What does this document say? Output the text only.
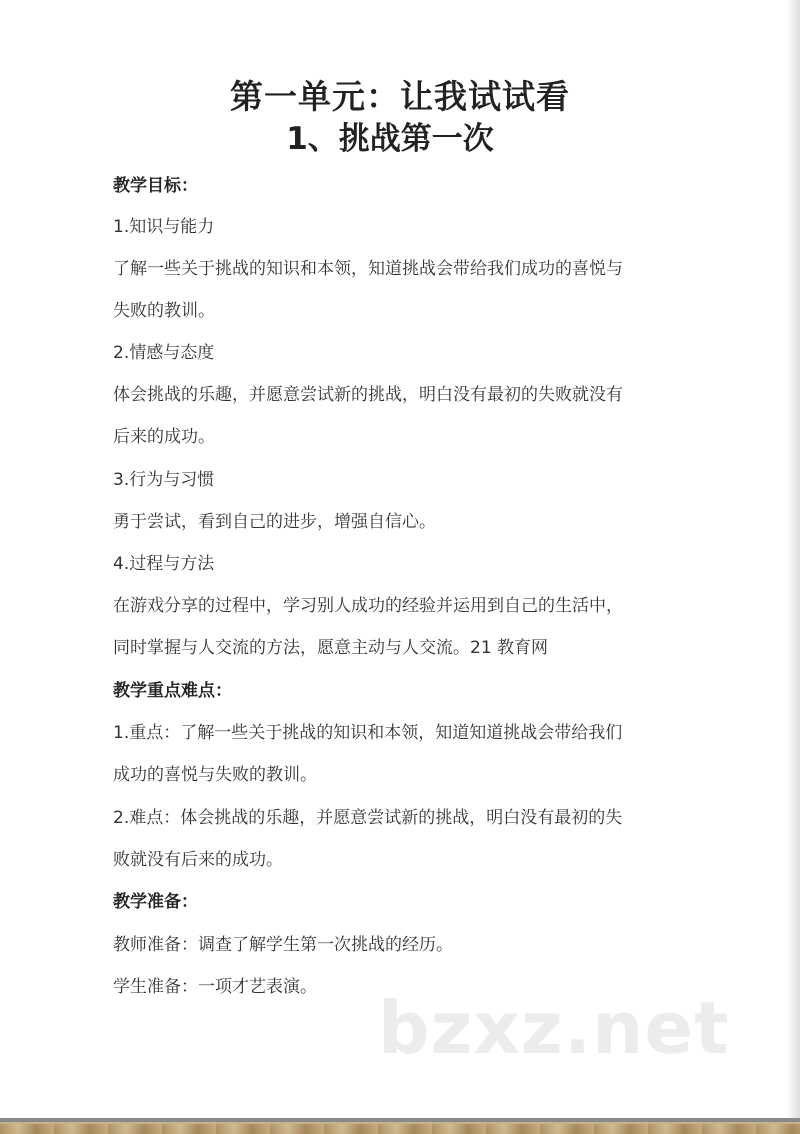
第一单元：让我试试看
1、挑战第一次
教学目标：
1.知识与能力
了解一些关于挑战的知识和本领，知道挑战会带给我们成功的喜悦与
失败的教训。
2.情感与态度
体会挑战的乐趣，并愿意尝试新的挑战，明白没有最初的失败就没有
后来的成功。
3.行为与习惯
勇于尝试，看到自己的进步，增强自信心。
4.过程与方法
在游戏分享的过程中，学习别人成功的经验并运用到自己的生活中，
同时掌握与人交流的方法，愿意主动与人交流。21 教育网
教学重点难点：
1.重点：了解一些关于挑战的知识和本领，知道知道挑战会带给我们
成功的喜悦与失败的教训。
2.难点：体会挑战的乐趣，并愿意尝试新的挑战，明白没有最初的失
败就没有后来的成功。
教学准备：
教师准备：调查了解学生第一次挑战的经历。
学生准备：一项才艺表演。 bzxz.net
